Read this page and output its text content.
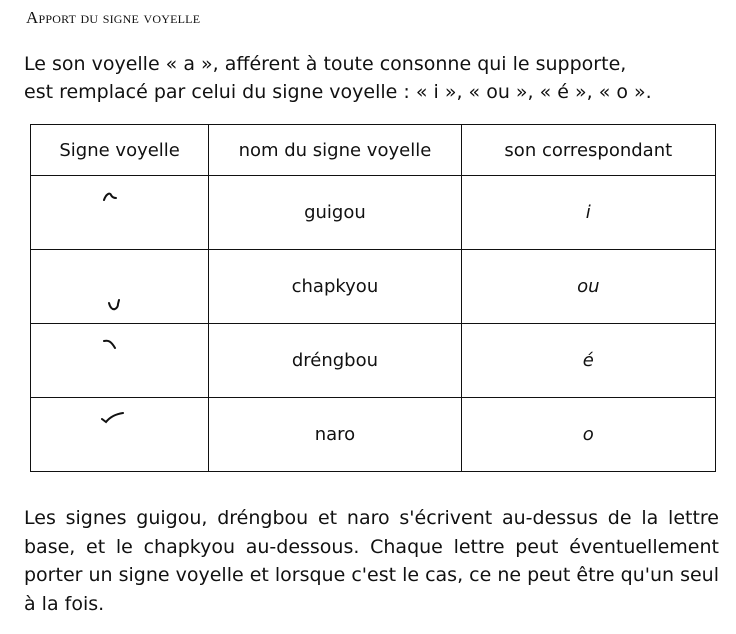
Apport du signe voyelle

Le son voyelle « a », afférent à toute consonne qui le supporte,

est remplacé par celui du signe voyelle : « i », « ou », « é », « o ».

Signe voyelle	nom du signe voyelle	son correspondant

	guigou	i

	chapkyou	ou

	dréngbou	é

	naro	o

Les signes guigou, dréngbou et naro s'écrivent au-dessus de la lettre base, et le chapkyou au-dessous. Chaque lettre peut éventuellement porter un signe voyelle et lorsque c'est le cas, ce ne peut être qu'un seul à la fois.
